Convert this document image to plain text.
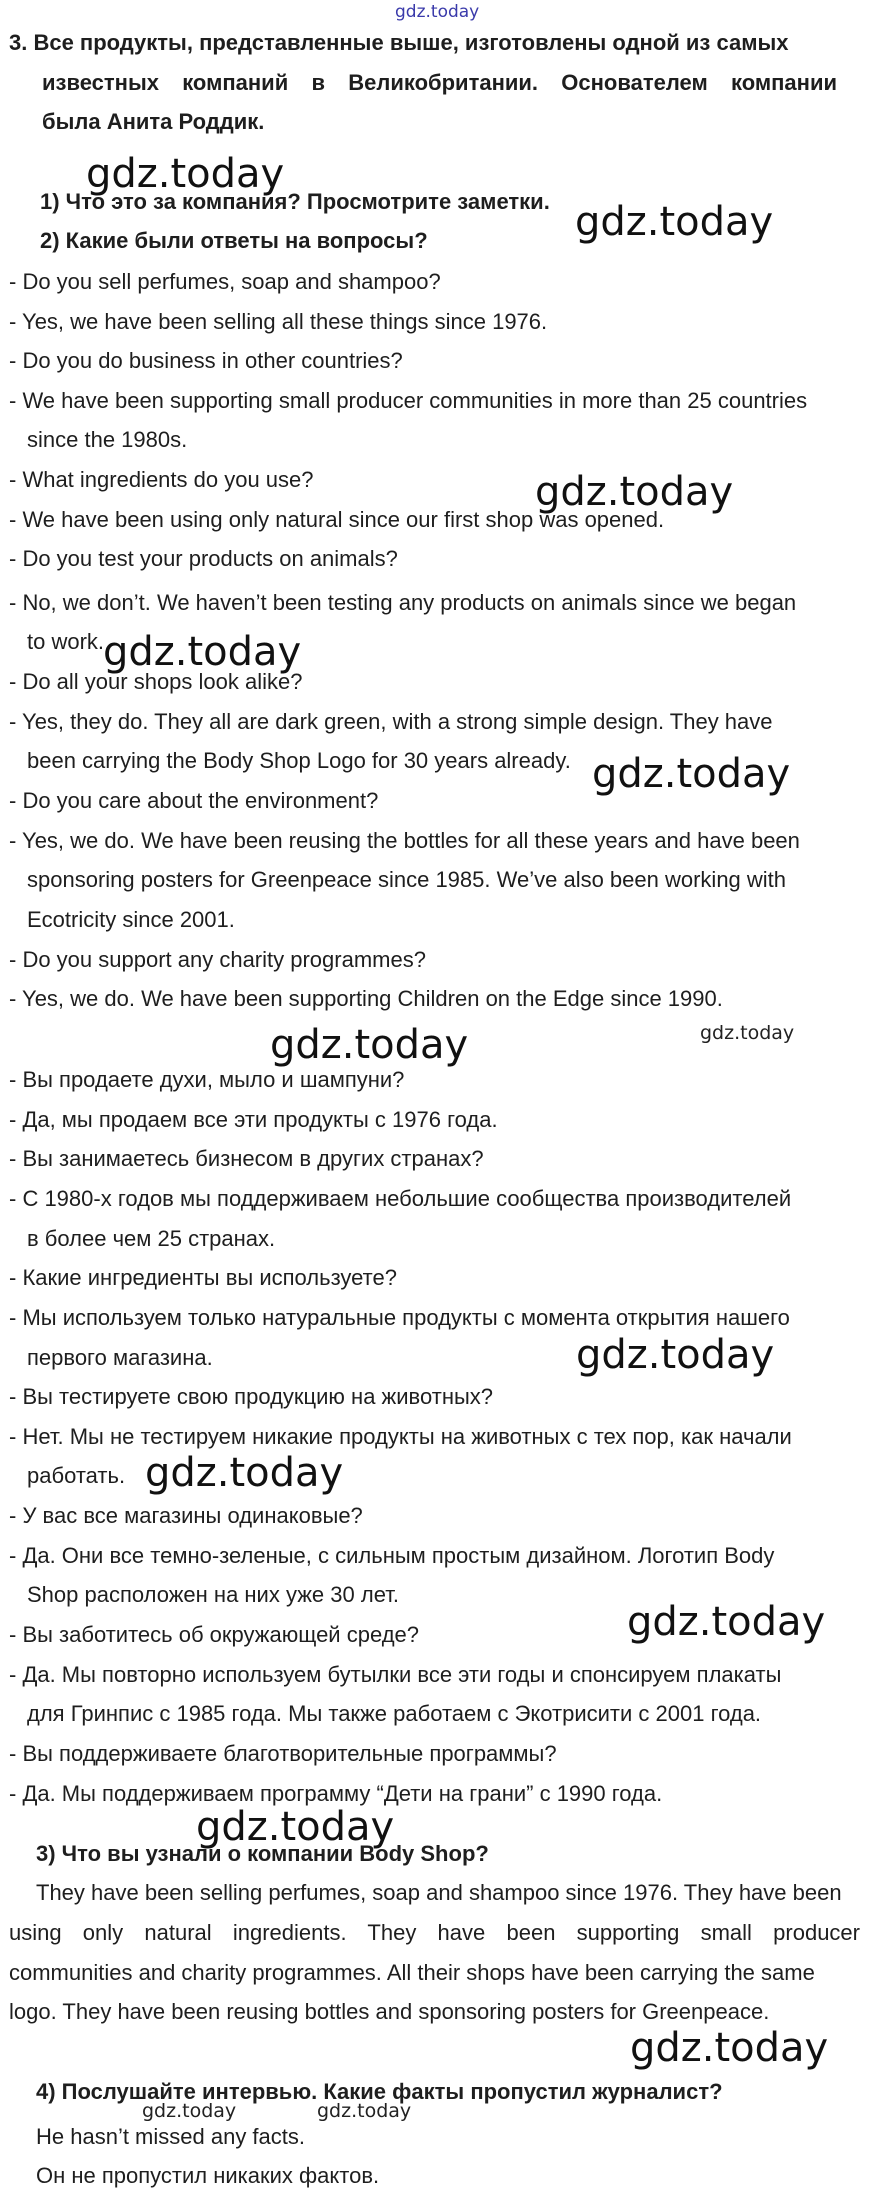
gdz.today
3. Все продукты, представленные выше, изготовлены одной из самых
известных компаний в Великобритании. Основателем компании
была Анита Роддик.
1) Что это за компания? Просмотрите заметки.
2) Какие были ответы на вопросы?
- Do you sell perfumes, soap and shampoo?
- Yes, we have been selling all these things since 1976.
- Do you do business in other countries?
- We have been supporting small producer communities in more than 25 countries
since the 1980s.
- What ingredients do you use?
- We have been using only natural since our first shop was opened.
- Do you test your products on animals?
- No, we don’t. We haven’t been testing any products on animals since we began
to work.
- Do all your shops look alike?
- Yes, they do. They all are dark green, with a strong simple design. They have
been carrying the Body Shop Logo for 30 years already.
- Do you care about the environment?
- Yes, we do. We have been reusing the bottles for all these years and have been
sponsoring posters for Greenpeace since 1985. We’ve also been working with
Ecotricity since 2001.
- Do you support any charity programmes?
- Yes, we do. We have been supporting Children on the Edge since 1990.
- Вы продаете духи, мыло и шампуни?
- Да, мы продаем все эти продукты с 1976 года.
- Вы занимаетесь бизнесом в других странах?
- С 1980-х годов мы поддерживаем небольшие сообщества производителей
в более чем 25 странах.
- Какие ингредиенты вы используете?
- Мы используем только натуральные продукты с момента открытия нашего
первого магазина.
- Вы тестируете свою продукцию на животных?
- Нет. Мы не тестируем никакие продукты на животных с тех пор, как начали
работать.
- У вас все магазины одинаковые?
- Да. Они все темно-зеленые, с сильным простым дизайном. Логотип Body
Shop расположен на них уже 30 лет.
- Вы заботитесь об окружающей среде?
- Да. Мы повторно используем бутылки все эти годы и спонсируем плакаты
для Гринпис с 1985 года. Мы также работаем с Экотрисити с 2001 года.
- Вы поддерживаете благотворительные программы?
- Да. Мы поддерживаем программу “Дети на грани” с 1990 года.
3) Что вы узнали о компании Body Shop?
They have been selling perfumes, soap and shampoo since 1976. They have been
using only natural ingredients. They have been supporting small producer
communities and charity programmes. All their shops have been carrying the same
logo. They have been reusing bottles and sponsoring posters for Greenpeace.
4) Послушайте интервью. Какие факты пропустил журналист?
He hasn’t missed any facts.
Он не пропустил никаких фактов.
gdz.today
gdz.today
gdz.today
gdz.today
gdz.today
gdz.today
gdz.today
gdz.today
gdz.today
gdz.today
gdz.today
gdz.today
gdz.today	gdz.today
